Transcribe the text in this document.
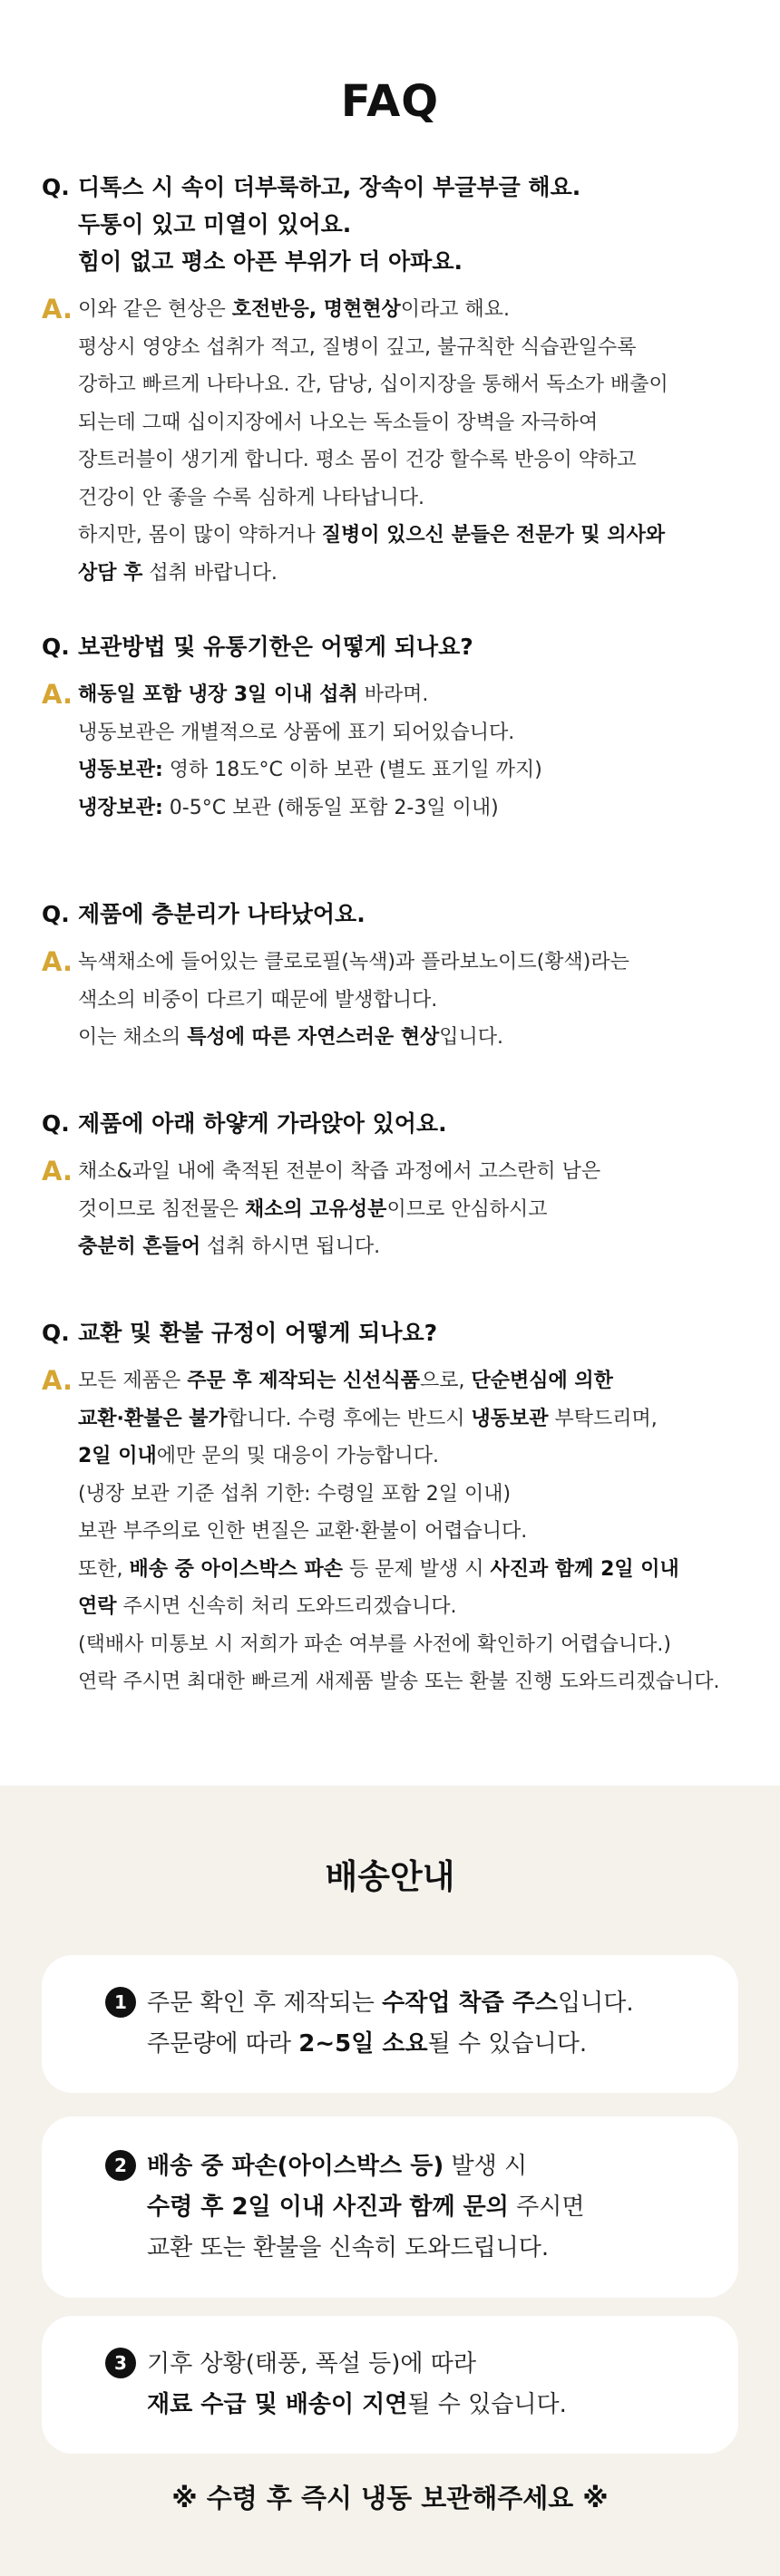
FAQ
Q. 디톡스 시 속이 더부룩하고, 장속이 부글부글 해요.
두통이 있고 미열이 있어요.
힘이 없고 평소 아픈 부위가 더 아파요.
A. 이와 같은 현상은 호전반응, 명현현상이라고 해요.
평상시 영양소 섭취가 적고, 질병이 깊고, 불규칙한 식습관일수록
강하고 빠르게 나타나요. 간, 담낭, 십이지장을 통해서 독소가 배출이
되는데 그때 십이지장에서 나오는 독소들이 장벽을 자극하여
장트러블이 생기게 합니다. 평소 몸이 건강 할수록 반응이 약하고
건강이 안 좋을 수록 심하게 나타납니다.
하지만, 몸이 많이 약하거나 질병이 있으신 분들은 전문가 및 의사와
상담 후 섭취 바랍니다.
Q. 보관방법 및 유통기한은 어떻게 되나요?
A. 해동일 포함 냉장 3일 이내 섭취 바라며.
냉동보관은 개별적으로 상품에 표기 되어있습니다.
냉동보관: 영하 18도°C 이하 보관 (별도 표기일 까지)
냉장보관: 0-5°C 보관 (해동일 포함 2-3일 이내)
Q. 제품에 층분리가 나타났어요.
A. 녹색채소에 들어있는 클로로필(녹색)과 플라보노이드(황색)라는
색소의 비중이 다르기 때문에 발생합니다.
이는 채소의 특성에 따른 자연스러운 현상입니다.
Q. 제품에 아래 하얗게 가라앉아 있어요.
A. 채소&과일 내에 축적된 전분이 착즙 과정에서 고스란히 남은
것이므로 침전물은 채소의 고유성분이므로 안심하시고
충분히 흔들어 섭취 하시면 됩니다.
Q. 교환 및 환불 규정이 어떻게 되나요?
A. 모든 제품은 주문 후 제작되는 신선식품으로, 단순변심에 의한
교환·환불은 불가합니다. 수령 후에는 반드시 냉동보관 부탁드리며,
2일 이내에만 문의 및 대응이 가능합니다.
(냉장 보관 기준 섭취 기한: 수령일 포함 2일 이내)
보관 부주의로 인한 변질은 교환·환불이 어렵습니다.
또한, 배송 중 아이스박스 파손 등 문제 발생 시 사진과 함께 2일 이내
연락 주시면 신속히 처리 도와드리겠습니다.
(택배사 미통보 시 저희가 파손 여부를 사전에 확인하기 어렵습니다.)
연락 주시면 최대한 빠르게 새제품 발송 또는 환불 진행 도와드리겠습니다.
배송안내
1 주문 확인 후 제작되는 수작업 착즙 주스입니다.
주문량에 따라 2~5일 소요될 수 있습니다.
2 배송 중 파손(아이스박스 등) 발생 시
수령 후 2일 이내 사진과 함께 문의 주시면
교환 또는 환불을 신속히 도와드립니다.
3 기후 상황(태풍, 폭설 등)에 따라
재료 수급 및 배송이 지연될 수 있습니다.
※ 수령 후 즉시 냉동 보관해주세요 ※
